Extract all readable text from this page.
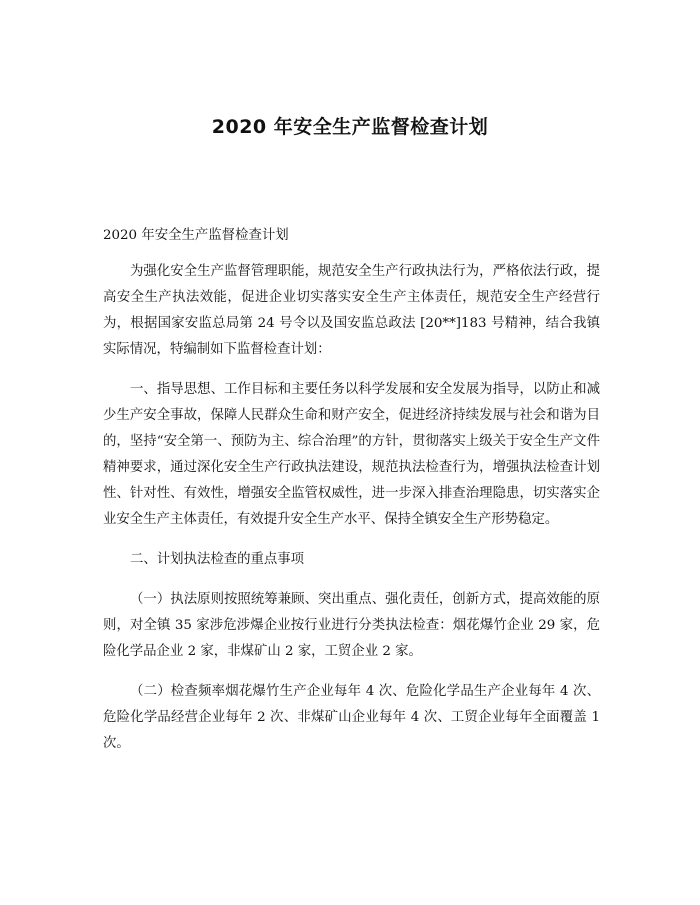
2020 年安全生产监督检查计划

2020 年安全生产监督检查计划

为强化安全生产监督管理职能，规范安全生产行政执法行为，严格依法行政，提高安全生产执法效能，促进企业切实落实安全生产主体责任，规范安全生产经营行为，根据国家安监总局第 24 号令以及国安监总政法 [20**]183 号精神，结合我镇实际情况，特编制如下监督检查计划：

一、指导思想、工作目标和主要任务以科学发展和安全发展为指导，以防止和减少生产安全事故，保障人民群众生命和财产安全，促进经济持续发展与社会和谐为目的，坚持“安全第一、预防为主、综合治理”的方针，贯彻落实上级关于安全生产文件精神要求，通过深化安全生产行政执法建设，规范执法检查行为，增强执法检查计划性、针对性、有效性，增强安全监管权威性，进一步深入排查治理隐患，切实落实企业安全生产主体责任，有效提升安全生产水平、保持全镇安全生产形势稳定。

二、计划执法检查的重点事项

（一）执法原则按照统筹兼顾、突出重点、强化责任，创新方式，提高效能的原则，对全镇 35 家涉危涉爆企业按行业进行分类执法检查：烟花爆竹企业 29 家，危险化学品企业 2 家，非煤矿山 2 家，工贸企业 2 家。

（二）检查频率烟花爆竹生产企业每年 4 次、危险化学品生产企业每年 4 次、危险化学品经营企业每年 2 次、非煤矿山企业每年 4 次、工贸企业每年全面覆盖 1 次。
